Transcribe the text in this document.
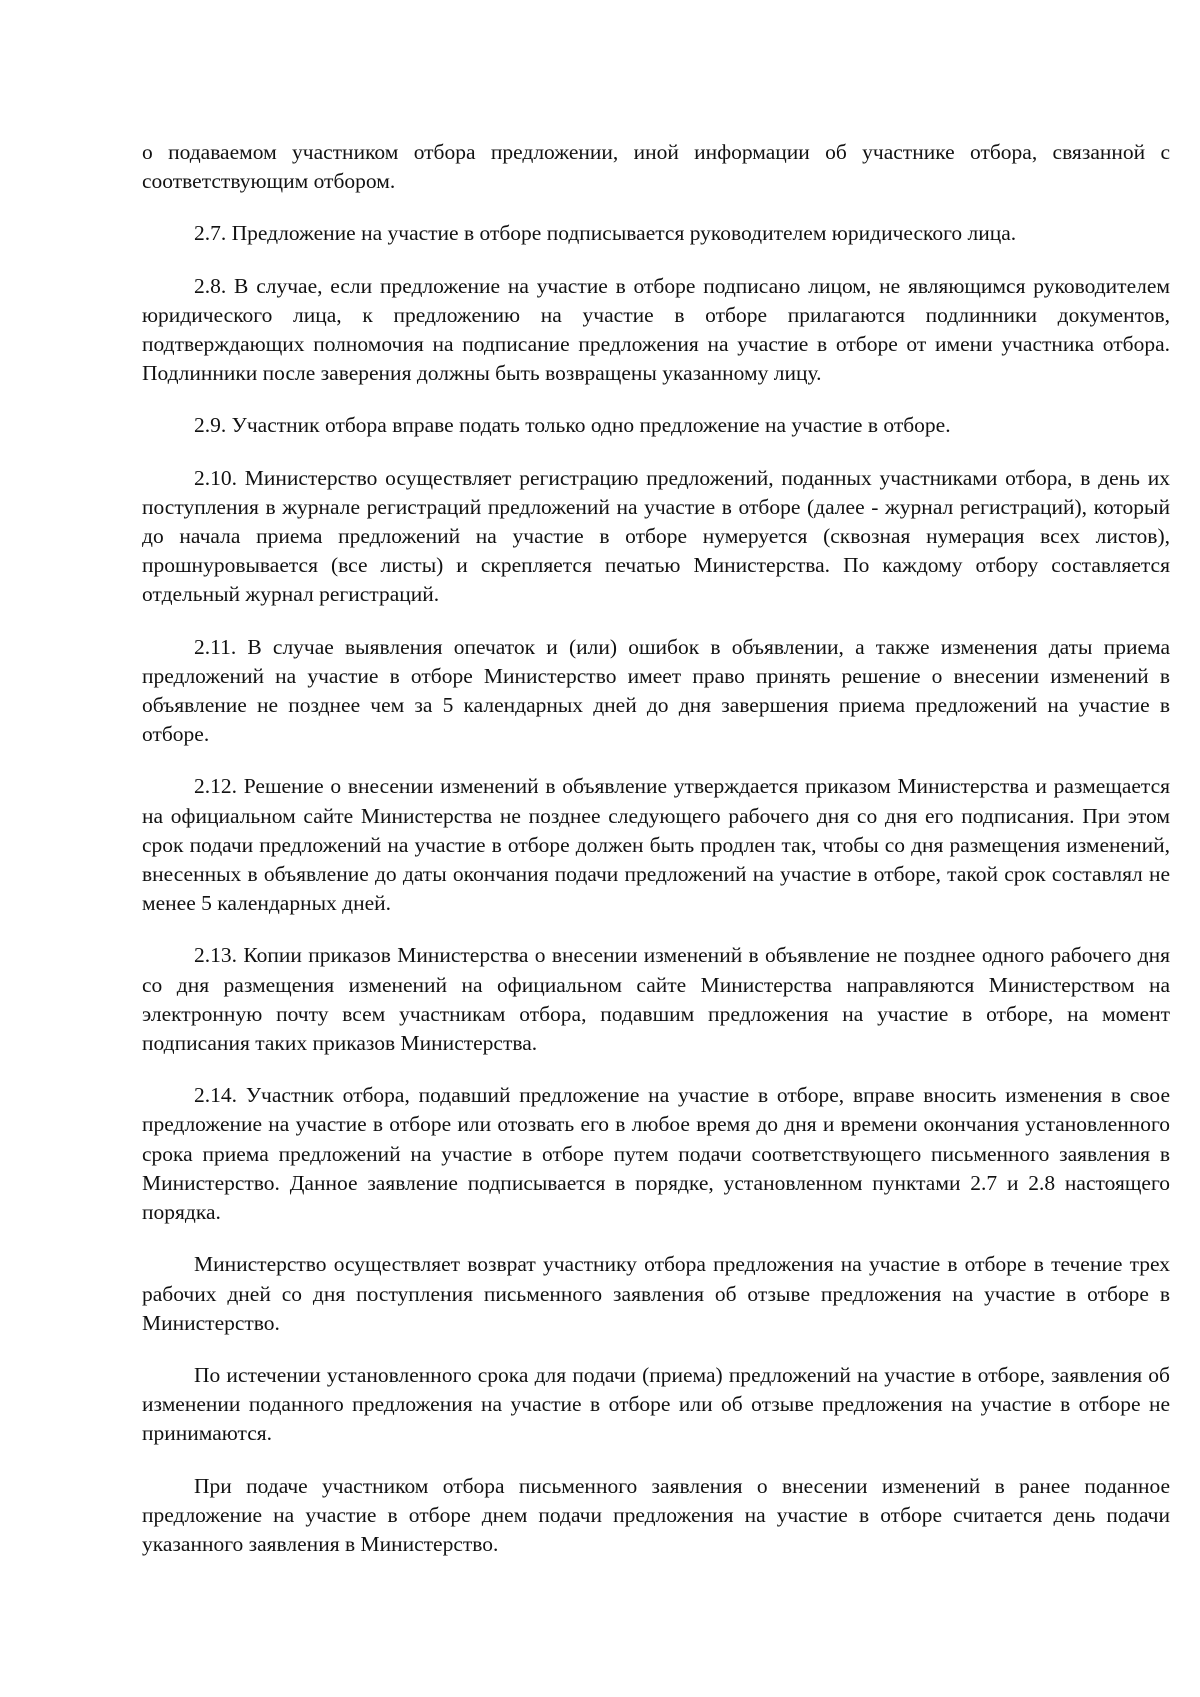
о подаваемом участником отбора предложении, иной информации об участнике отбора, связанной с соответствующим отбором.

2.7. Предложение на участие в отборе подписывается руководителем юридического лица.

2.8. В случае, если предложение на участие в отборе подписано лицом, не являющимся руководителем юридического лица, к предложению на участие в отборе прилагаются подлинники документов, подтверждающих полномочия на подписание предложения на участие в отборе от имени участника отбора. Подлинники после заверения должны быть возвращены указанному лицу.

2.9. Участник отбора вправе подать только одно предложение на участие в отборе.

2.10. Министерство осуществляет регистрацию предложений, поданных участниками отбора, в день их поступления в журнале регистраций предложений на участие в отборе (далее - журнал регистраций), который до начала приема предложений на участие в отборе нумеруется (сквозная нумерация всех листов), прошнуровывается (все листы) и скрепляется печатью Министерства. По каждому отбору составляется отдельный журнал регистраций.

2.11. В случае выявления опечаток и (или) ошибок в объявлении, а также изменения даты приема предложений на участие в отборе Министерство имеет право принять решение о внесении изменений в объявление не позднее чем за 5 календарных дней до дня завершения приема предложений на участие в отборе.

2.12. Решение о внесении изменений в объявление утверждается приказом Министерства и размещается на официальном сайте Министерства не позднее следующего рабочего дня со дня его подписания. При этом срок подачи предложений на участие в отборе должен быть продлен так, чтобы со дня размещения изменений, внесенных в объявление до даты окончания подачи предложений на участие в отборе, такой срок составлял не менее 5 календарных дней.

2.13. Копии приказов Министерства о внесении изменений в объявление не позднее одного рабочего дня со дня размещения изменений на официальном сайте Министерства направляются Министерством на электронную почту всем участникам отбора, подавшим предложения на участие в отборе, на момент подписания таких приказов Министерства.

2.14. Участник отбора, подавший предложение на участие в отборе, вправе вносить изменения в свое предложение на участие в отборе или отозвать его в любое время до дня и времени окончания установленного срока приема предложений на участие в отборе путем подачи соответствующего письменного заявления в Министерство. Данное заявление подписывается в порядке, установленном пунктами 2.7 и 2.8 настоящего порядка.

Министерство осуществляет возврат участнику отбора предложения на участие в отборе в течение трех рабочих дней со дня поступления письменного заявления об отзыве предложения на участие в отборе в Министерство.

По истечении установленного срока для подачи (приема) предложений на участие в отборе, заявления об изменении поданного предложения на участие в отборе или об отзыве предложения на участие в отборе не принимаются.

При подаче участником отбора письменного заявления о внесении изменений в ранее поданное предложение на участие в отборе днем подачи предложения на участие в отборе считается день подачи указанного заявления в Министерство.
